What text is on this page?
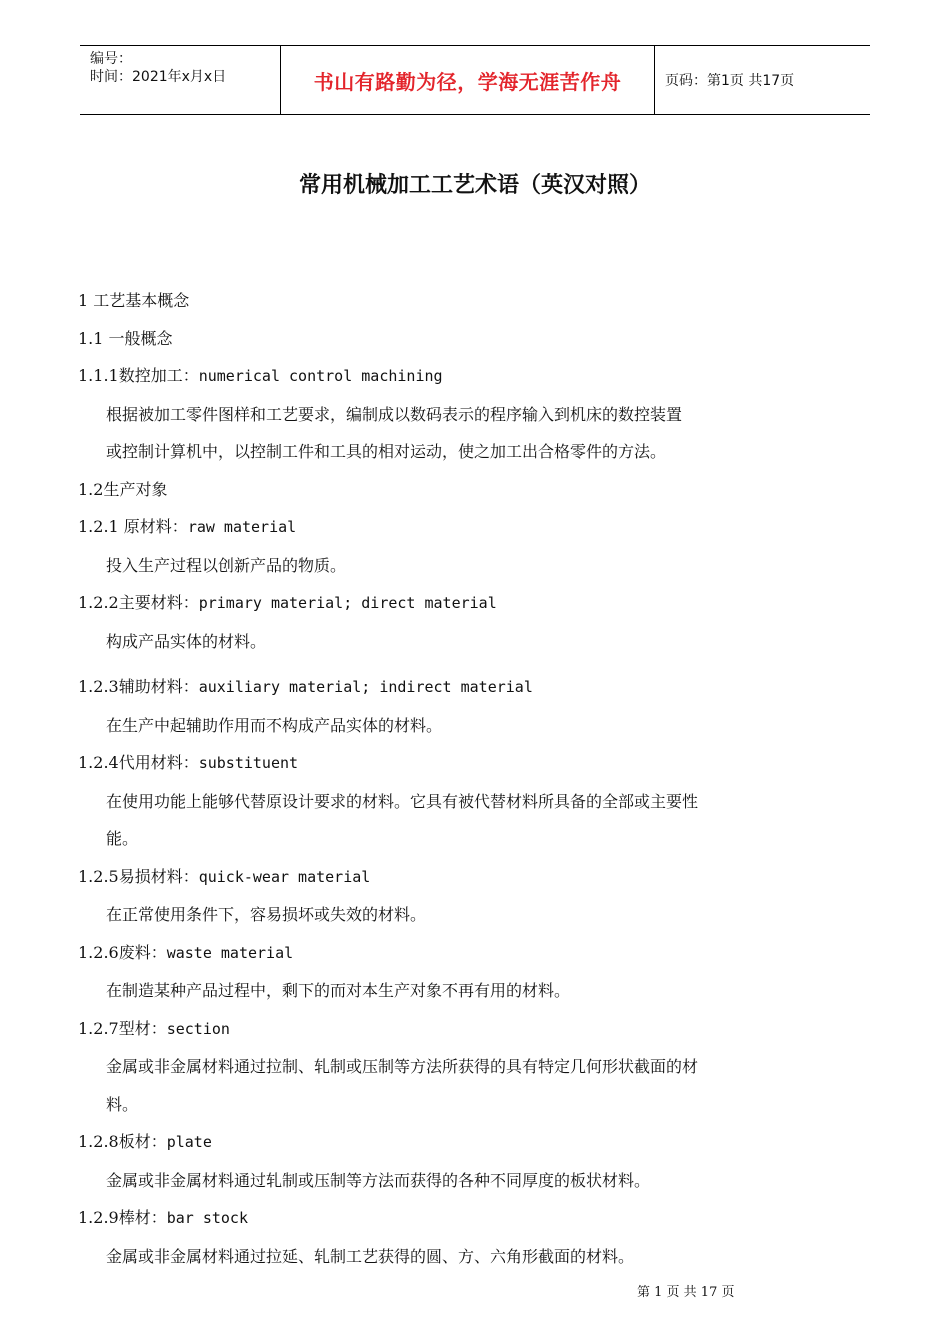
编号：
时间：2021年x月x日	书山有路勤为径，学海无涯苦作舟	页码：第1页 共17页
常用机械加工工艺术语（英汉对照）
1 工艺基本概念
1.1 一般概念
1.1.1数控加工：numerical control machining
根据被加工零件图样和工艺要求，编制成以数码表示的程序输入到机床的数控装置
或控制计算机中，以控制工件和工具的相对运动，使之加工出合格零件的方法。
1.2生产对象
1.2.1 原材料：raw material
投入生产过程以创新产品的物质。
1.2.2主要材料：primary material; direct material
构成产品实体的材料。
1.2.3辅助材料：auxiliary material; indirect material
在生产中起辅助作用而不构成产品实体的材料。
1.2.4代用材料：substituent
在使用功能上能够代替原设计要求的材料。它具有被代替材料所具备的全部或主要性
能。
1.2.5易损材料：quick-wear material
在正常使用条件下，容易损坏或失效的材料。
1.2.6废料：waste material
在制造某种产品过程中，剩下的而对本生产对象不再有用的材料。
1.2.7型材：section
金属或非金属材料通过拉制、轧制或压制等方法所获得的具有特定几何形状截面的材
料。
1.2.8板材：plate
金属或非金属材料通过轧制或压制等方法而获得的各种不同厚度的板状材料。
1.2.9棒材：bar stock
金属或非金属材料通过拉延、轧制工艺获得的圆、方、六角形截面的材料。
第 1 页 共 17 页
